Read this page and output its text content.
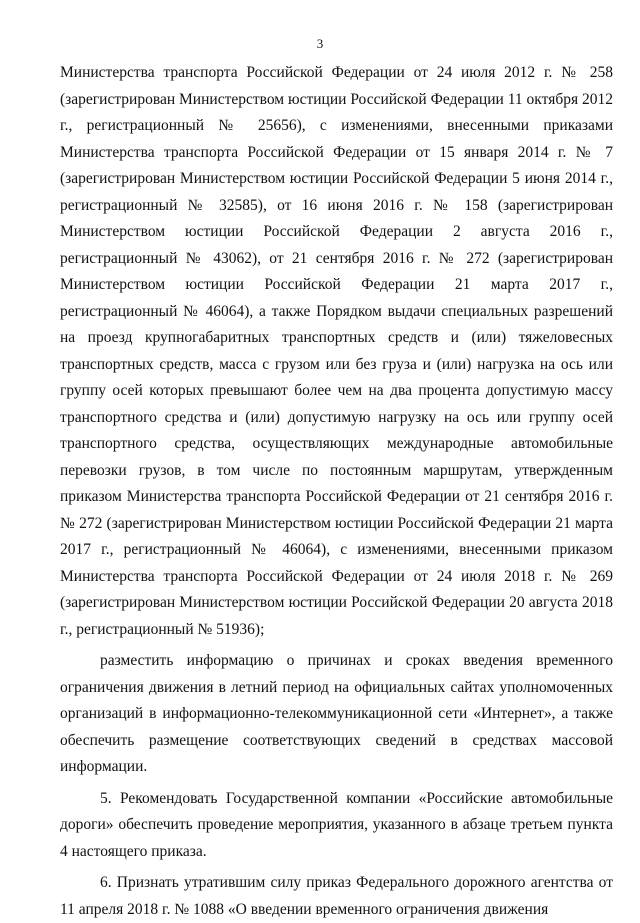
3

Министерства транспорта Российской Федерации от 24 июля 2012 г. № 258 (зарегистрирован Министерством юстиции Российской Федерации 11 октября 2012 г., регистрационный № 25656), с изменениями, внесенными приказами Министерства транспорта Российской Федерации от 15 января 2014 г. № 7 (зарегистрирован Министерством юстиции Российской Федерации 5 июня 2014 г., регистрационный № 32585), от 16 июня 2016 г. № 158 (зарегистрирован Министерством юстиции Российской Федерации 2 августа 2016 г., регистрационный № 43062), от 21 сентября 2016 г. № 272 (зарегистрирован Министерством юстиции Российской Федерации 21 марта 2017 г., регистрационный № 46064), а также Порядком выдачи специальных разрешений на проезд крупногабаритных транспортных средств и (или) тяжеловесных транспортных средств, масса с грузом или без груза и (или) нагрузка на ось или группу осей которых превышают более чем на два процента допустимую массу транспортного средства и (или) допустимую нагрузку на ось или группу осей транспортного средства, осуществляющих международные автомобильные перевозки грузов, в том числе по постоянным маршрутам, утвержденным приказом Министерства транспорта Российской Федерации от 21 сентября 2016 г. № 272 (зарегистрирован Министерством юстиции Российской Федерации 21 марта 2017 г., регистрационный № 46064), с изменениями, внесенными приказом Министерства транспорта Российской Федерации от 24 июля 2018 г. № 269 (зарегистрирован Министерством юстиции Российской Федерации 20 августа 2018 г., регистрационный № 51936);

разместить информацию о причинах и сроках введения временного ограничения движения в летний период на официальных сайтах уполномоченных организаций в информационно-телекоммуникационной сети «Интернет», а также обеспечить размещение соответствующих сведений в средствах массовой информации.

5. Рекомендовать Государственной компании «Российские автомобильные дороги» обеспечить проведение мероприятия, указанного в абзаце третьем пункта 4 настоящего приказа.

6. Признать утратившим силу приказ Федерального дорожного агентства от 11 апреля 2018 г. № 1088 «О введении временного ограничения движения
